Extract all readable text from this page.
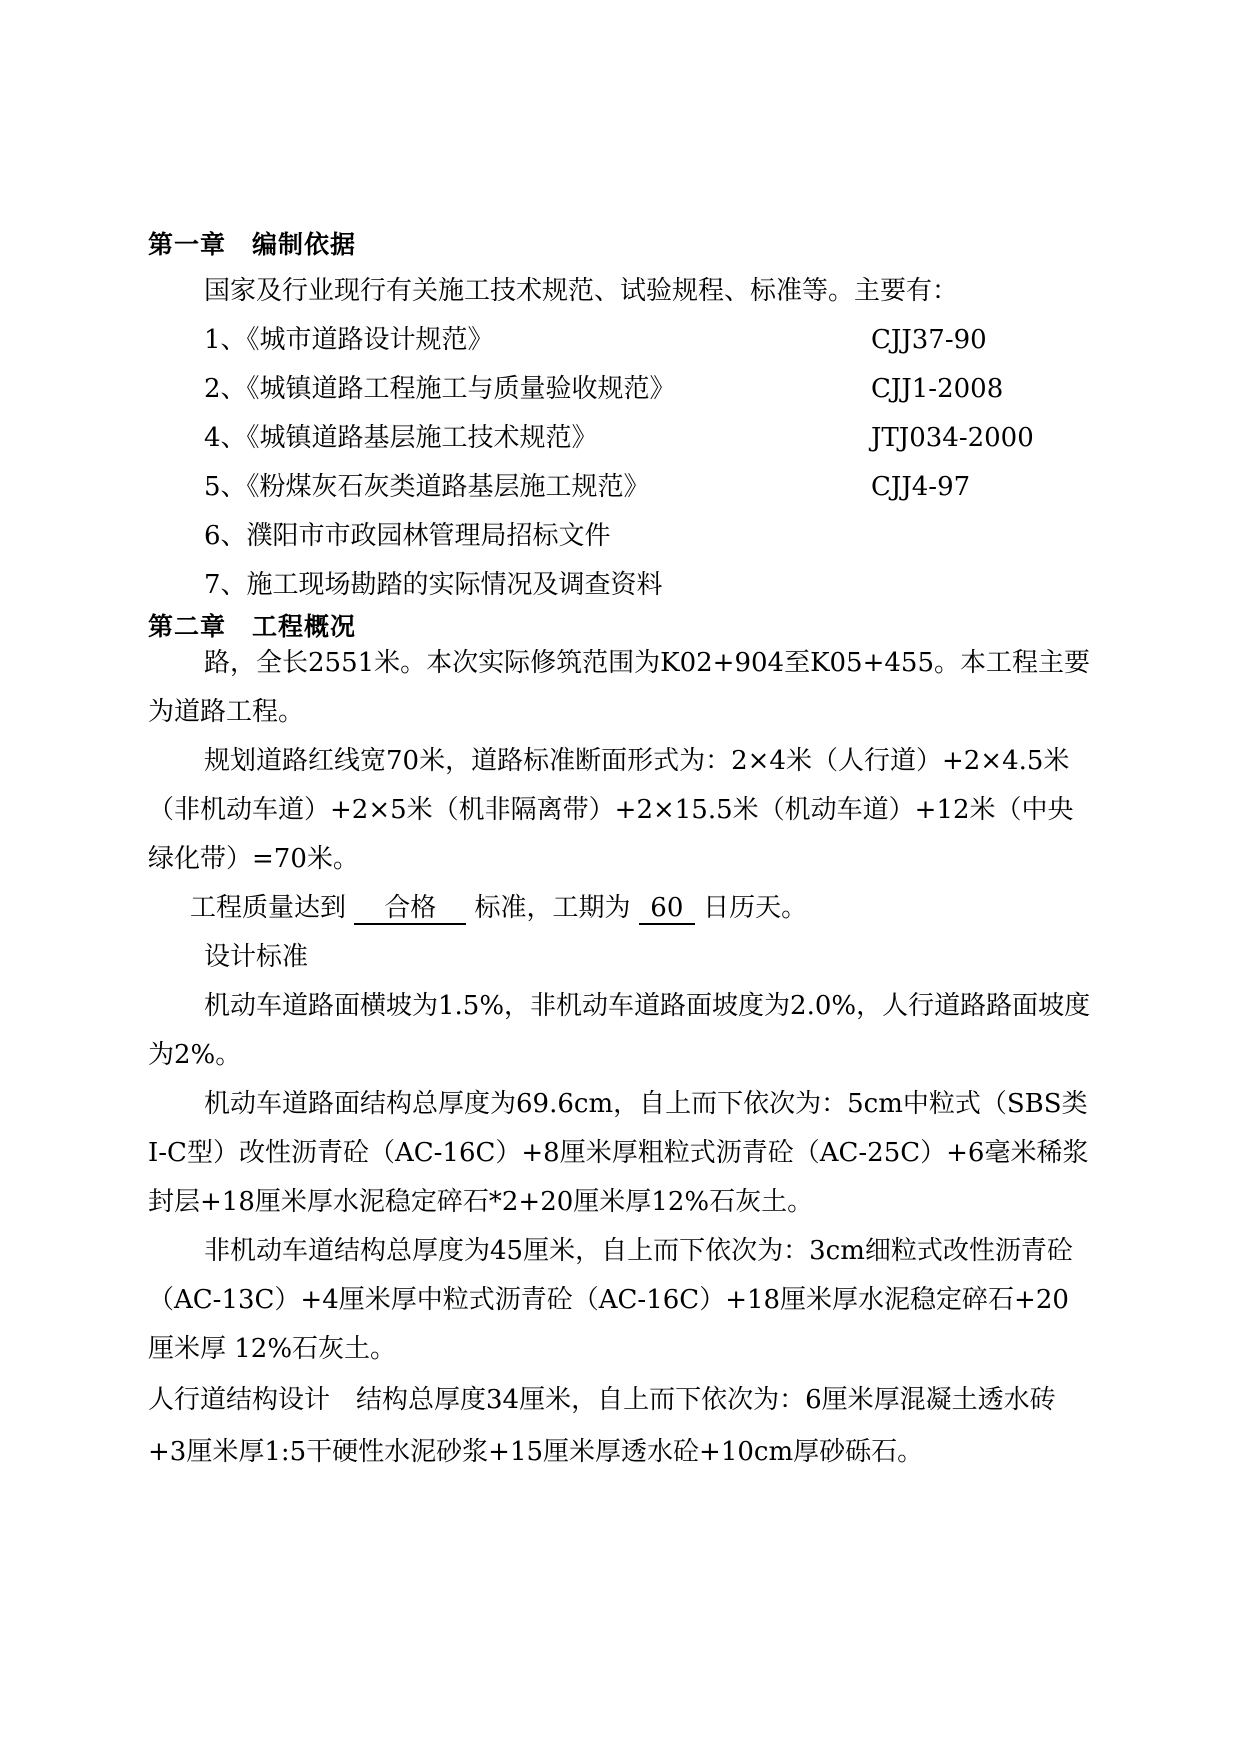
第一章　编制依据
国家及行业现行有关施工技术规范、试验规程、标准等。主要有：
1、《城市道路设计规范》	CJJ37-90
2、《城镇道路工程施工与质量验收规范》	CJJ1-2008
4、《城镇道路基层施工技术规范》	JTJ034-2000
5、《粉煤灰石灰类道路基层施工规范》	CJJ4-97
6、濮阳市市政园林管理局招标文件
7、施工现场勘踏的实际情况及调查资料
第二章　工程概况
路，全长2551米。本次实际修筑范围为K02+904至K05+455。本工程主要为道路工程。
规划道路红线宽70米，道路标准断面形式为：2×4米（人行道）+2×4.5米（非机动车道）+2×5米（机非隔离带）+2×15.5米（机动车道）+12米（中央绿化带）=70米。
工程质量达到 合格 标准，工期为 60 日历天。
设计标准
机动车道路面横坡为1.5%，非机动车道路面坡度为2.0%，人行道路路面坡度为2%。
机动车道路面结构总厚度为69.6cm，自上而下依次为：5cm中粒式（SBS类Ⅰ-C型）改性沥青砼（AC-16C）+8厘米厚粗粒式沥青砼（AC-25C）+6毫米稀浆封层+18厘米厚水泥稳定碎石*2+20厘米厚12%石灰土。
非机动车道结构总厚度为45厘米，自上而下依次为：3cm细粒式改性沥青砼（AC-13C）+4厘米厚中粒式沥青砼（AC-16C）+18厘米厚水泥稳定碎石+20厘米厚 12%石灰土。
人行道结构设计　结构总厚度34厘米，自上而下依次为：6厘米厚混凝土透水砖+3厘米厚1:5干硬性水泥砂浆+15厘米厚透水砼+10cm厚砂砾石。
